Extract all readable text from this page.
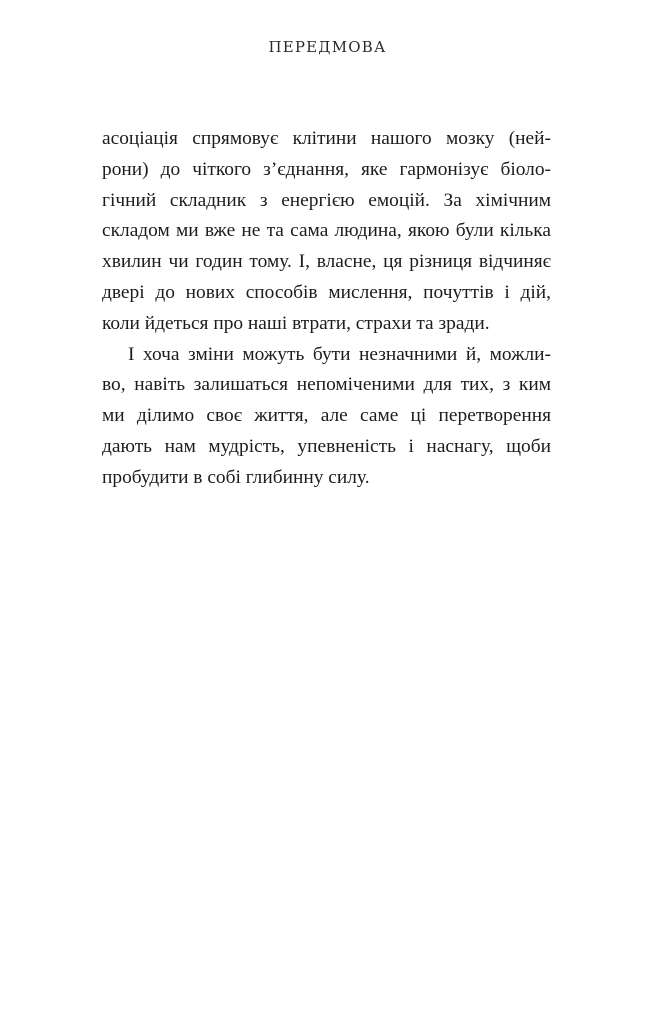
ПЕРЕДМОВА
асоціація спрямовує клітини нашого мозку (ней-
рони) до чіткого з’єднання, яке гармонізує біоло-
гічний складник з енергією емоцій. За хімічним
складом ми вже не та сама людина, якою були кілька
хвилин чи годин тому. І, власне, ця різниця відчиняє
двері до нових способів мислення, почуттів і дій,
коли йдеться про наші втрати, страхи та зради.
І хоча зміни можуть бути незначними й, можли-
во, навіть залишаться непоміченими для тих, з ким
ми ділимо своє життя, але саме ці перетворення
дають нам мудрість, упевненість і наснагу, щоби
пробудити в собі глибинну силу.
